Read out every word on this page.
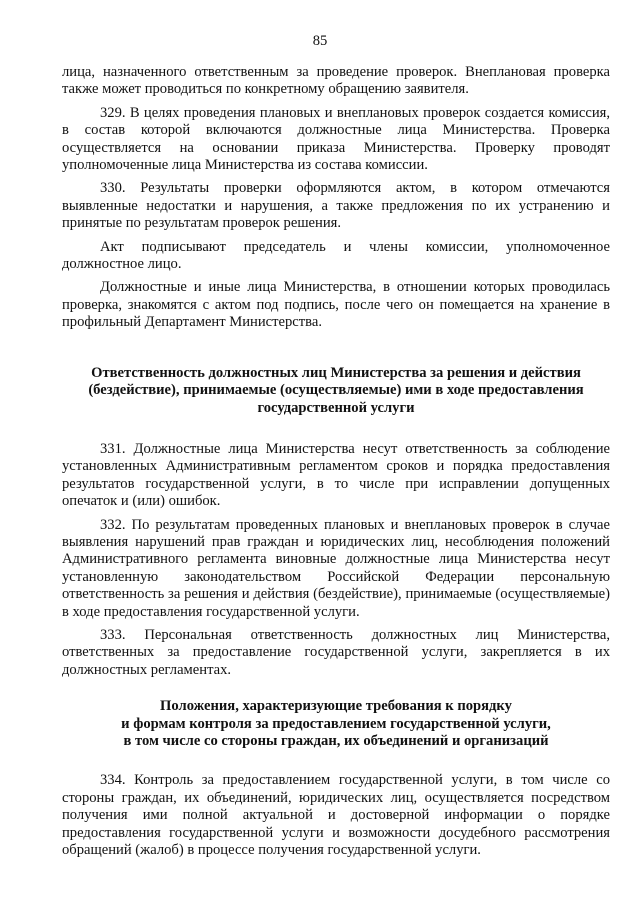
85

лица, назначенного ответственным за проведение проверок. Внеплановая проверка также может проводиться по конкретному обращению заявителя.

329. В целях проведения плановых и внеплановых проверок создается комиссия, в состав которой включаются должностные лица Министерства. Проверка осуществляется на основании приказа Министерства. Проверку проводят уполномоченные лица Министерства из состава комиссии.

330. Результаты проверки оформляются актом, в котором отмечаются выявленные недостатки и нарушения, а также предложения по их устранению и принятые по результатам проверок решения.

Акт подписывают председатель и члены комиссии, уполномоченное должностное лицо.

Должностные и иные лица Министерства, в отношении которых проводилась проверка, знакомятся с актом под подпись, после чего он помещается на хранение в профильный Департамент Министерства.

Ответственность должностных лиц Министерства за решения и действия
(бездействие), принимаемые (осуществляемые) ими в ходе предоставления
государственной услуги

331. Должностные лица Министерства несут ответственность за соблюдение установленных Административным регламентом сроков и порядка предоставления результатов государственной услуги, в то числе при исправлении допущенных опечаток и (или) ошибок.

332. По результатам проведенных плановых и внеплановых проверок в случае выявления нарушений прав граждан и юридических лиц, несоблюдения положений Административного регламента виновные должностные лица Министерства несут установленную законодательством Российской Федерации персональную ответственность за решения и действия (бездействие), принимаемые (осуществляемые) в ходе предоставления государственной услуги.

333. Персональная ответственность должностных лиц Министерства, ответственных за предоставление государственной услуги, закрепляется в их должностных регламентах.

Положения, характеризующие требования к порядку
и формам контроля за предоставлением государственной услуги,
в том числе со стороны граждан, их объединений и организаций

334. Контроль за предоставлением государственной услуги, в том числе со стороны граждан, их объединений, юридических лиц, осуществляется посредством получения ими полной актуальной и достоверной информации о порядке предоставления государственной услуги и возможности досудебного рассмотрения обращений (жалоб) в процессе получения государственной услуги.
